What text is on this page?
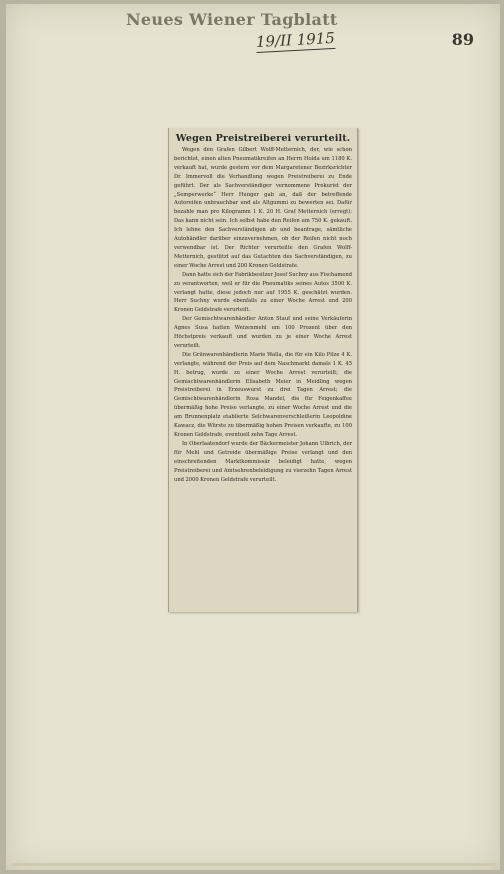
Neues Wiener Tagblatt
19/II 1915	89
Wegen Preistreiberei verurteilt.

Wegen den Grafen Gilbert Wolff-Metternich, der, wie schon berichtet, einen alten Pneumatikreifen an Herrn Holda um 1180 K. verkauft hat, wurde gestern vor dem Margaretener Bezirksrichter Dr. Immervoll die Verhandlung wegen Preistreiberei zu Ende geführt. Der als Sachverständiger vernommene Prokurist der „Semperwerke“ Herr Hunger gab an, daß der betreffende Autoreifen unbrauchbar und als Altgummi zu bewerten sei. Dafür bezahle man pro Kilogramm 1 K. 20 H. Graf Metternich (erregt): Das kann nicht sein. Ich selbst habe den Reifen um 750 K. gekauft. Ich lehne den Sachverständigen ab und beantrage, sämtliche Autohändler darüber einzuvernehmen, ob der Reifen nicht noch verwendbar ist. Der Richter verurteilte den Grafen Wolff-Metternich, gestützt auf das Gutachten des Sachverständigen, zu einer Woche Arrest und 200 Kronen Geldstrafe.

Dann hatte sich der Fabrikbesitzer Josef Suchny aus Fischamend zu verantworten, weil er für die Pneumatiks seines Autos 3500 K. verlangt hatte, diese jedoch nur auf 1955 K. geschätzt wurden. Herr Suchny wurde ebenfalls zu einer Woche Arrest und 200 Kronen Geldstrafe verurteilt.

Der Gemischtwarenhändler Anton Stauf und seine Verkäuferin Agnes Susa hatten Weizenmehl um 100 Prozent über den Höchstpreis verkauft und wurden zu je einer Woche Arrest verurteilt.

Die Grünwarenhändlerin Marie Walla, die für ein Kilo Pilze 4 K. verlangte, während der Preis auf dem Naschmarkt damals 1 K. 45 H. betrug, wurde zu einer Woche Arrest verurteilt; die Gemischtwarenhändlerin Elisabeth Meier in Meidling wegen Preistreiberei in Erzeuswurst zu drei Tagen Arrest; die Gemischtwarenhändlerin Rosa Mandel, die für Feigenkaffee übermäßig hohe Preise verlangte, zu einer Woche Arrest und die am Brunnenplatz etablierte Selchwarenverschleißerin Leopoldine Kawacz, die Würste zu übermäßig hohen Preisen verkaufte, zu 100 Kronen Geldstrafe, eventuell zehn Tage Arrest.

In Oberlaatendorf wurde der Bäckermeister Johann Ulbrich, der für Mehl und Getreide übermäßige Preise verlangt und den einschreitenden Marktkommissär beleidigt hatte, wegen Preistreiberei und Amtsehrenbeleidigung zu vierzehn Tagen Arrest und 2000 Kronen Geldstrafe verurteilt.
